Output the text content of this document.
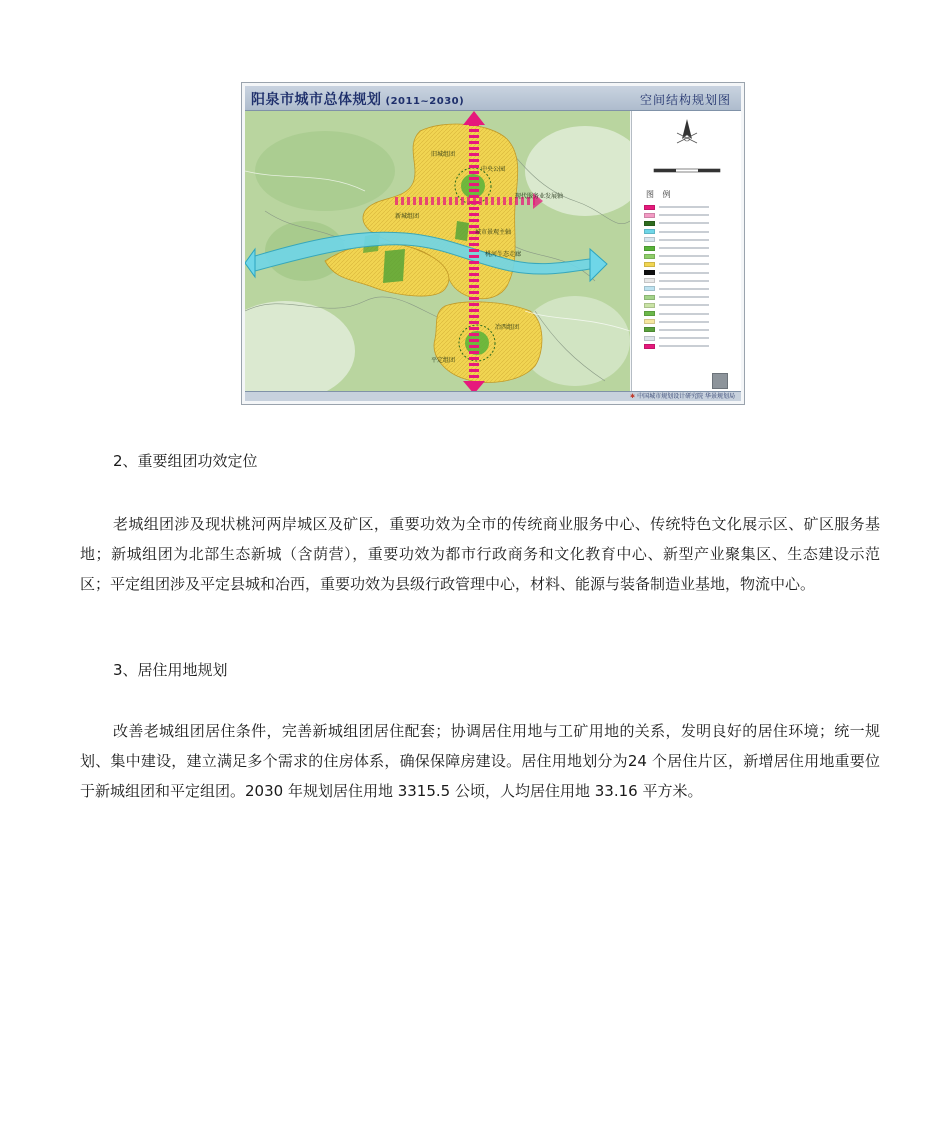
阳泉市城市总体规划 (2011~2030)	空间结构规划图
旧城组团
中央公园
现代服务业发展轴
新城组团
城市景观主轴
桃河生态走廊
平定组团
冶西组团
图 例
✱ 中国城市规划设计研究院 华景规划局
2、重要组团功效定位

老城组团涉及现状桃河两岸城区及矿区，重要功效为全市的传统商业服务中心、传统特色文化展示区、矿区服务基地；新城组团为北部生态新城（含荫营），重要功效为都市行政商务和文化教育中心、新型产业聚集区、生态建设示范区；平定组团涉及平定县城和冶西，重要功效为县级行政管理中心，材料、能源与装备制造业基地，物流中心。

3、居住用地规划

改善老城组团居住条件，完善新城组团居住配套；协调居住用地与工矿用地的关系，发明良好的居住环境；统一规划、集中建设，建立满足多个需求的住房体系，确保保障房建设。居住用地划分为24 个居住片区，新增居住用地重要位于新城组团和平定组团。2030 年规划居住用地 3315.5 公顷，人均居住用地 33.16 平方米。
